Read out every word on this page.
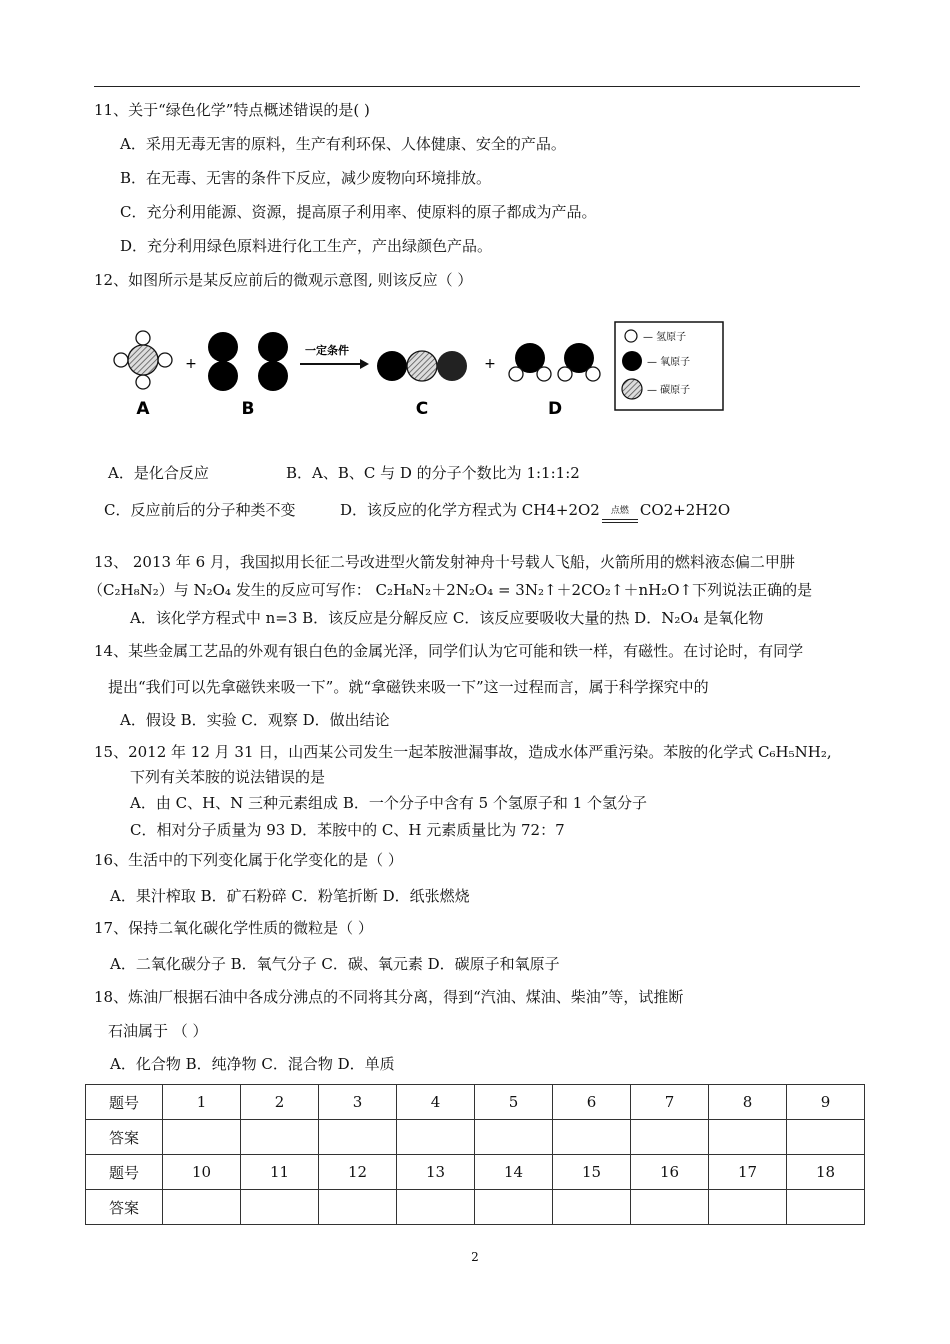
11、关于“绿色化学”特点概述错误的是( )
A．采用无毒无害的原料，生产有利环保、人体健康、安全的产品。
B．在无毒、无害的条件下反应，减少废物向环境排放。
C．充分利用能源、资源，提高原子利用率、使原料的原子都成为产品。
D．充分利用绿色原料进行化工生产，产出绿颜色产品。
12、如图所示是某反应前后的微观示意图, 则该反应（ ）
A
+
B
一定条件
C
+
D
— 氢原子
— 氧原子
— 碳原子
A．是化合反应	B．A、B、C 与 D 的分子个数比为 1:1:1:2
C．反应前后的分子种类不变	D．该反应的化学方程式为 CH4+2O2 点燃 CO2+2H2O
13、 2013 年 6 月，我国拟用长征二号改进型火箭发射神舟十号载人飞船，火箭所用的燃料液态偏二甲肼
（C₂H₈N₂）与 N₂O₄ 发生的反应可写作： C₂H₈N₂＋2N₂O₄ = 3N₂↑＋2CO₂↑＋nH₂O↑下列说法正确的是
A．该化学方程式中 n=3 B．该反应是分解反应 C．该反应要吸收大量的热 D．N₂O₄ 是氧化物
14、某些金属工艺品的外观有银白色的金属光泽，同学们认为它可能和铁一样，有磁性。在讨论时，有同学
提出“我们可以先拿磁铁来吸一下”。就“拿磁铁来吸一下”这一过程而言，属于科学探究中的
A．假设 B．实验 C．观察 D．做出结论
15、2012 年 12 月 31 日，山西某公司发生一起苯胺泄漏事故，造成水体严重污染。苯胺的化学式 C₆H₅NH₂,
下列有关苯胺的说法错误的是
A．由 C、H、N 三种元素组成 B．一个分子中含有 5 个氢原子和 1 个氢分子
C．相对分子质量为 93 D．苯胺中的 C、H 元素质量比为 72：7
16、生活中的下列变化属于化学变化的是（ ）
A．果汁榨取 B．矿石粉碎 C．粉笔折断 D．纸张燃烧
17、保持二氧化碳化学性质的微粒是（ ）
A．二氧化碳分子 B．氧气分子 C．碳、氧元素 D．碳原子和氧原子
18、炼油厂根据石油中各成分沸点的不同将其分离，得到“汽油、煤油、柴油”等，试推断
石油属于 （ ）
A．化合物 B．纯净物 C．混合物 D．单质
题号	1	2	3	4	5	6	7	8	9
答案									
题号	10	11	12	13	14	15	16	17	18
答案									
2
